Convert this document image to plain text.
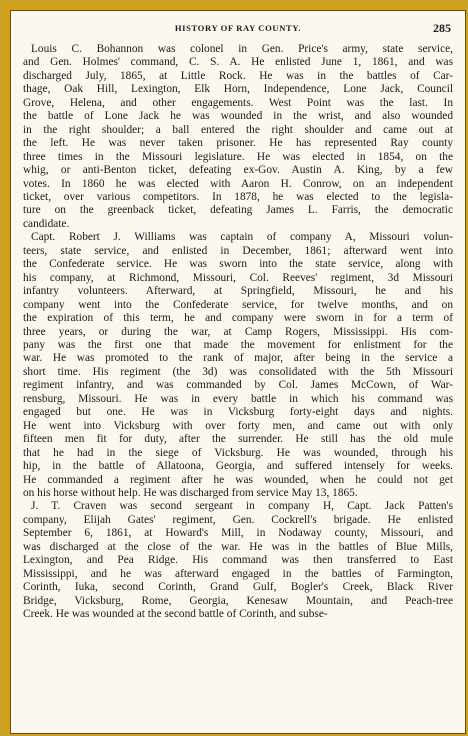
HISTORY OF RAY COUNTY.	285
Louis C. Bohannon was colonel in Gen. Price's army, state service,
and Gen. Holmes' command, C. S. A. He enlisted June 1, 1861, and was
discharged July, 1865, at Little Rock. He was in the battles of Car-
thage, Oak Hill, Lexington, Elk Horn, Independence, Lone Jack, Council
Grove, Helena, and other engagements. West Point was the last. In
the battle of Lone Jack he was wounded in the wrist, and also wounded
in the right shoulder; a ball entered the right shoulder and came out at
the left. He was never taken prisoner. He has represented Ray county
three times in the Missouri legislature. He was elected in 1854, on the
whig, or anti-Benton ticket, defeating ex-Gov. Austin A. King, by a few
votes. In 1860 he was elected with Aaron H. Conrow, on an independent
ticket, over various competitors. In 1878, he was elected to the legisla-
ture on the greenback ticket, defeating James L. Farris, the democratic
candidate.
Capt. Robert J. Williams was captain of company A, Missouri volun-
teers, state service, and enlisted in December, 1861; afterward went into
the Confederate service. He was sworn into the state service, along with
his company, at Richmond, Missouri, Col. Reeves' regiment, 3d Missouri
infantry volunteers. Afterward, at Springfield, Missouri, he and his
company went into the Confederate service, for twelve months, and on
the expiration of this term, he and company were sworn in for a term of
three years, or during the war, at Camp Rogers, Mississippi. His com-
pany was the first one that made the movement for enlistment for the
war. He was promoted to the rank of major, after being in the service a
short time. His regiment (the 3d) was consolidated with the 5th Missouri
regiment infantry, and was commanded by Col. James McCown, of War-
rensburg, Missouri. He was in every battle in which his command was
engaged but one. He was in Vicksburg forty-eight days and nights.
He went into Vicksburg with over forty men, and came out with only
fifteen men fit for duty, after the surrender. He still has the old mule
that he had in the siege of Vicksburg. He was wounded, through his
hip, in the battle of Allatoona, Georgia, and suffered intensely for weeks.
He commanded a regiment after he was wounded, when he could not get
on his horse without help. He was discharged from service May 13, 1865.
J. T. Craven was second sergeant in company H, Capt. Jack Patten's
company, Elijah Gates' regiment, Gen. Cockrell's brigade. He enlisted
September 6, 1861, at Howard's Mill, in Nodaway county, Missouri, and
was discharged at the close of the war. He was in the battles of Blue Mills,
Lexington, and Pea Ridge. His command was then transferred to East
Mississippi, and he was afterward engaged in the battles of Farmington,
Corinth, Iuka, second Corinth, Grand Gulf, Bogler's Creek, Black River
Bridge, Vicksburg, Rome, Georgia, Kenesaw Mountain, and Peach-tree
Creek. He was wounded at the second battle of Corinth, and subse-
